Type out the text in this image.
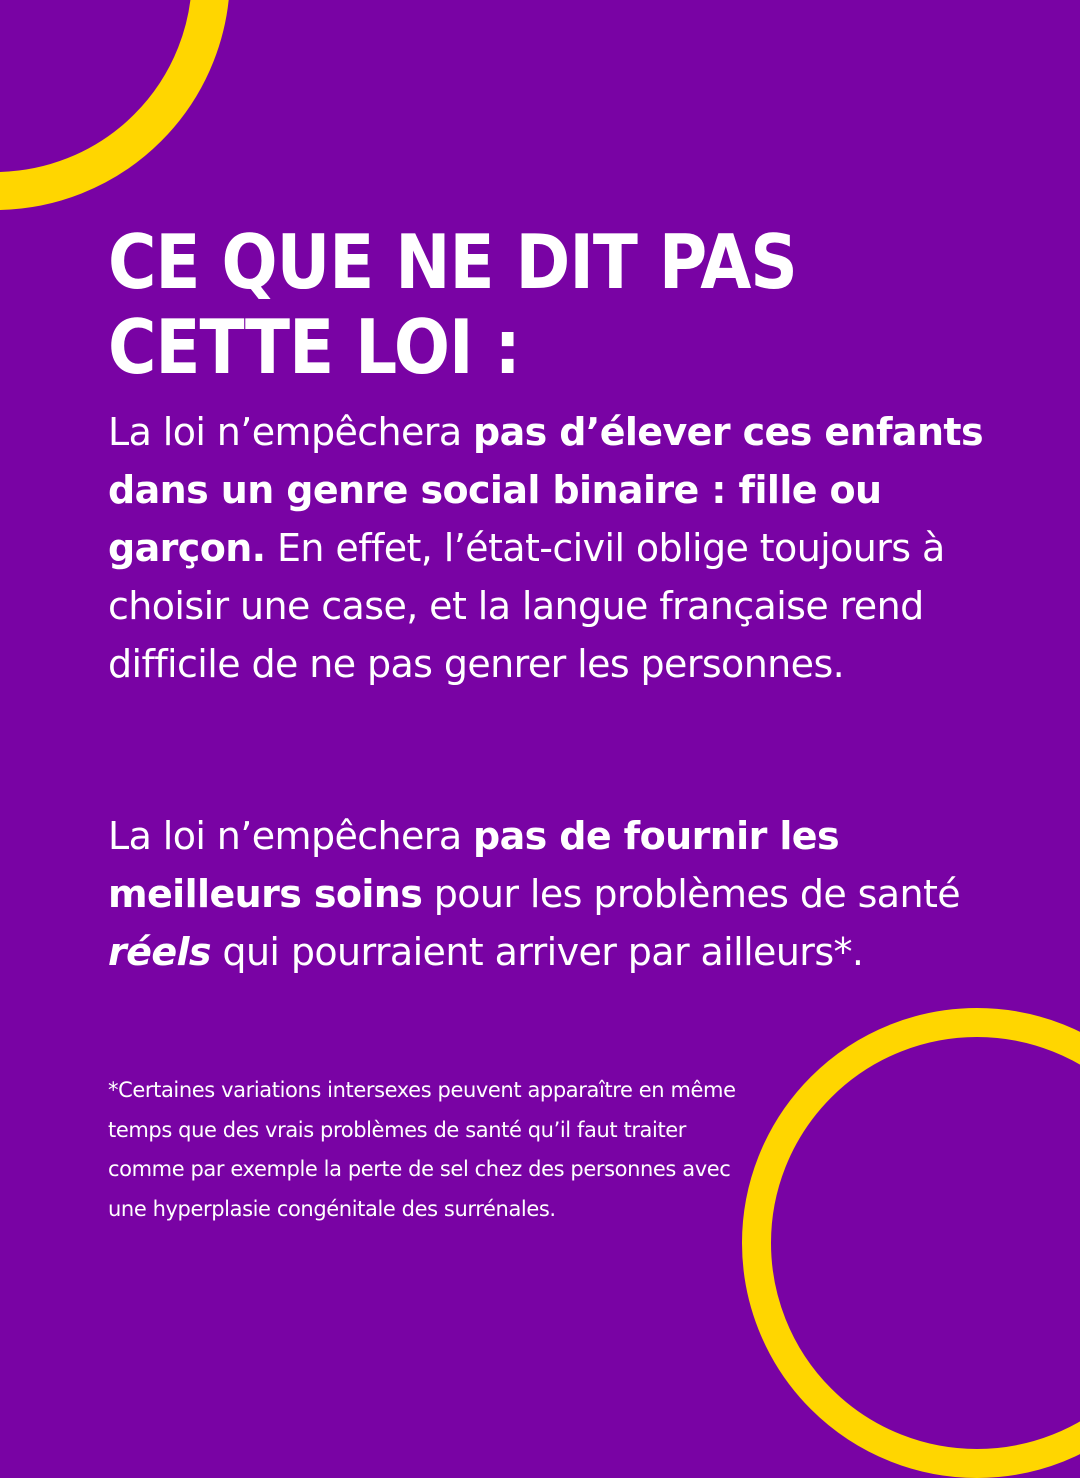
CE QUE NE DIT PAS
CETTE LOI :

La loi n’empêchera pas d’élever ces enfants dans un genre social binaire : fille ou garçon. En effet, l’état-civil oblige toujours à choisir une case, et la langue française rend difficile de ne pas genrer les personnes.

La loi n’empêchera pas de fournir les meilleurs soins pour les problèmes de santé réels qui pourraient arriver par ailleurs*.

*Certaines variations intersexes peuvent apparaître en même temps que des vrais problèmes de santé qu’il faut traiter comme par exemple la perte de sel chez des personnes avec une hyperplasie congénitale des surrénales.
